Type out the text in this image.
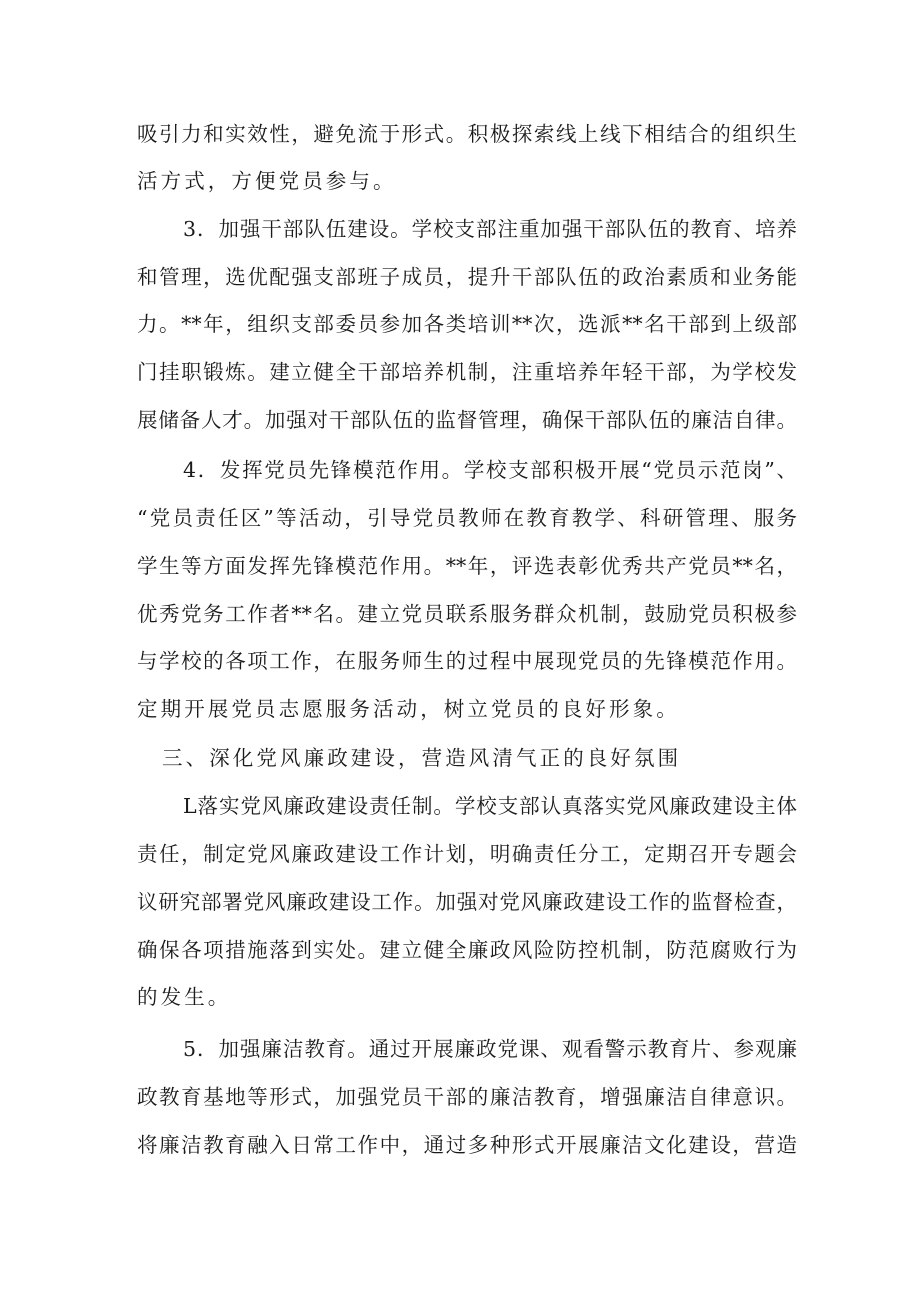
吸引力和实效性，避免流于形式。积极探索线上线下相结合的组织生
活方式，方便党员参与。
3．加强干部队伍建设。学校支部注重加强干部队伍的教育、培养
和管理，选优配强支部班子成员，提升干部队伍的政治素质和业务能
力。**年，组织支部委员参加各类培训**次，选派**名干部到上级部
门挂职锻炼。建立健全干部培养机制，注重培养年轻干部，为学校发
展储备人才。加强对干部队伍的监督管理，确保干部队伍的廉洁自律。
4．发挥党员先锋模范作用。学校支部积极开展“党员示范岗”、
“党员责任区”等活动，引导党员教师在教育教学、科研管理、服务
学生等方面发挥先锋模范作用。**年，评选表彰优秀共产党员**名，
优秀党务工作者**名。建立党员联系服务群众机制，鼓励党员积极参
与学校的各项工作，在服务师生的过程中展现党员的先锋模范作用。
定期开展党员志愿服务活动，树立党员的良好形象。
三、深化党风廉政建设，营造风清气正的良好氛围
L落实党风廉政建设责任制。学校支部认真落实党风廉政建设主体
责任，制定党风廉政建设工作计划，明确责任分工，定期召开专题会
议研究部署党风廉政建设工作。加强对党风廉政建设工作的监督检查，
确保各项措施落到实处。建立健全廉政风险防控机制，防范腐败行为
的发生。
5．加强廉洁教育。通过开展廉政党课、观看警示教育片、参观廉
政教育基地等形式，加强党员干部的廉洁教育，增强廉洁自律意识。
将廉洁教育融入日常工作中，通过多种形式开展廉洁文化建设，营造
